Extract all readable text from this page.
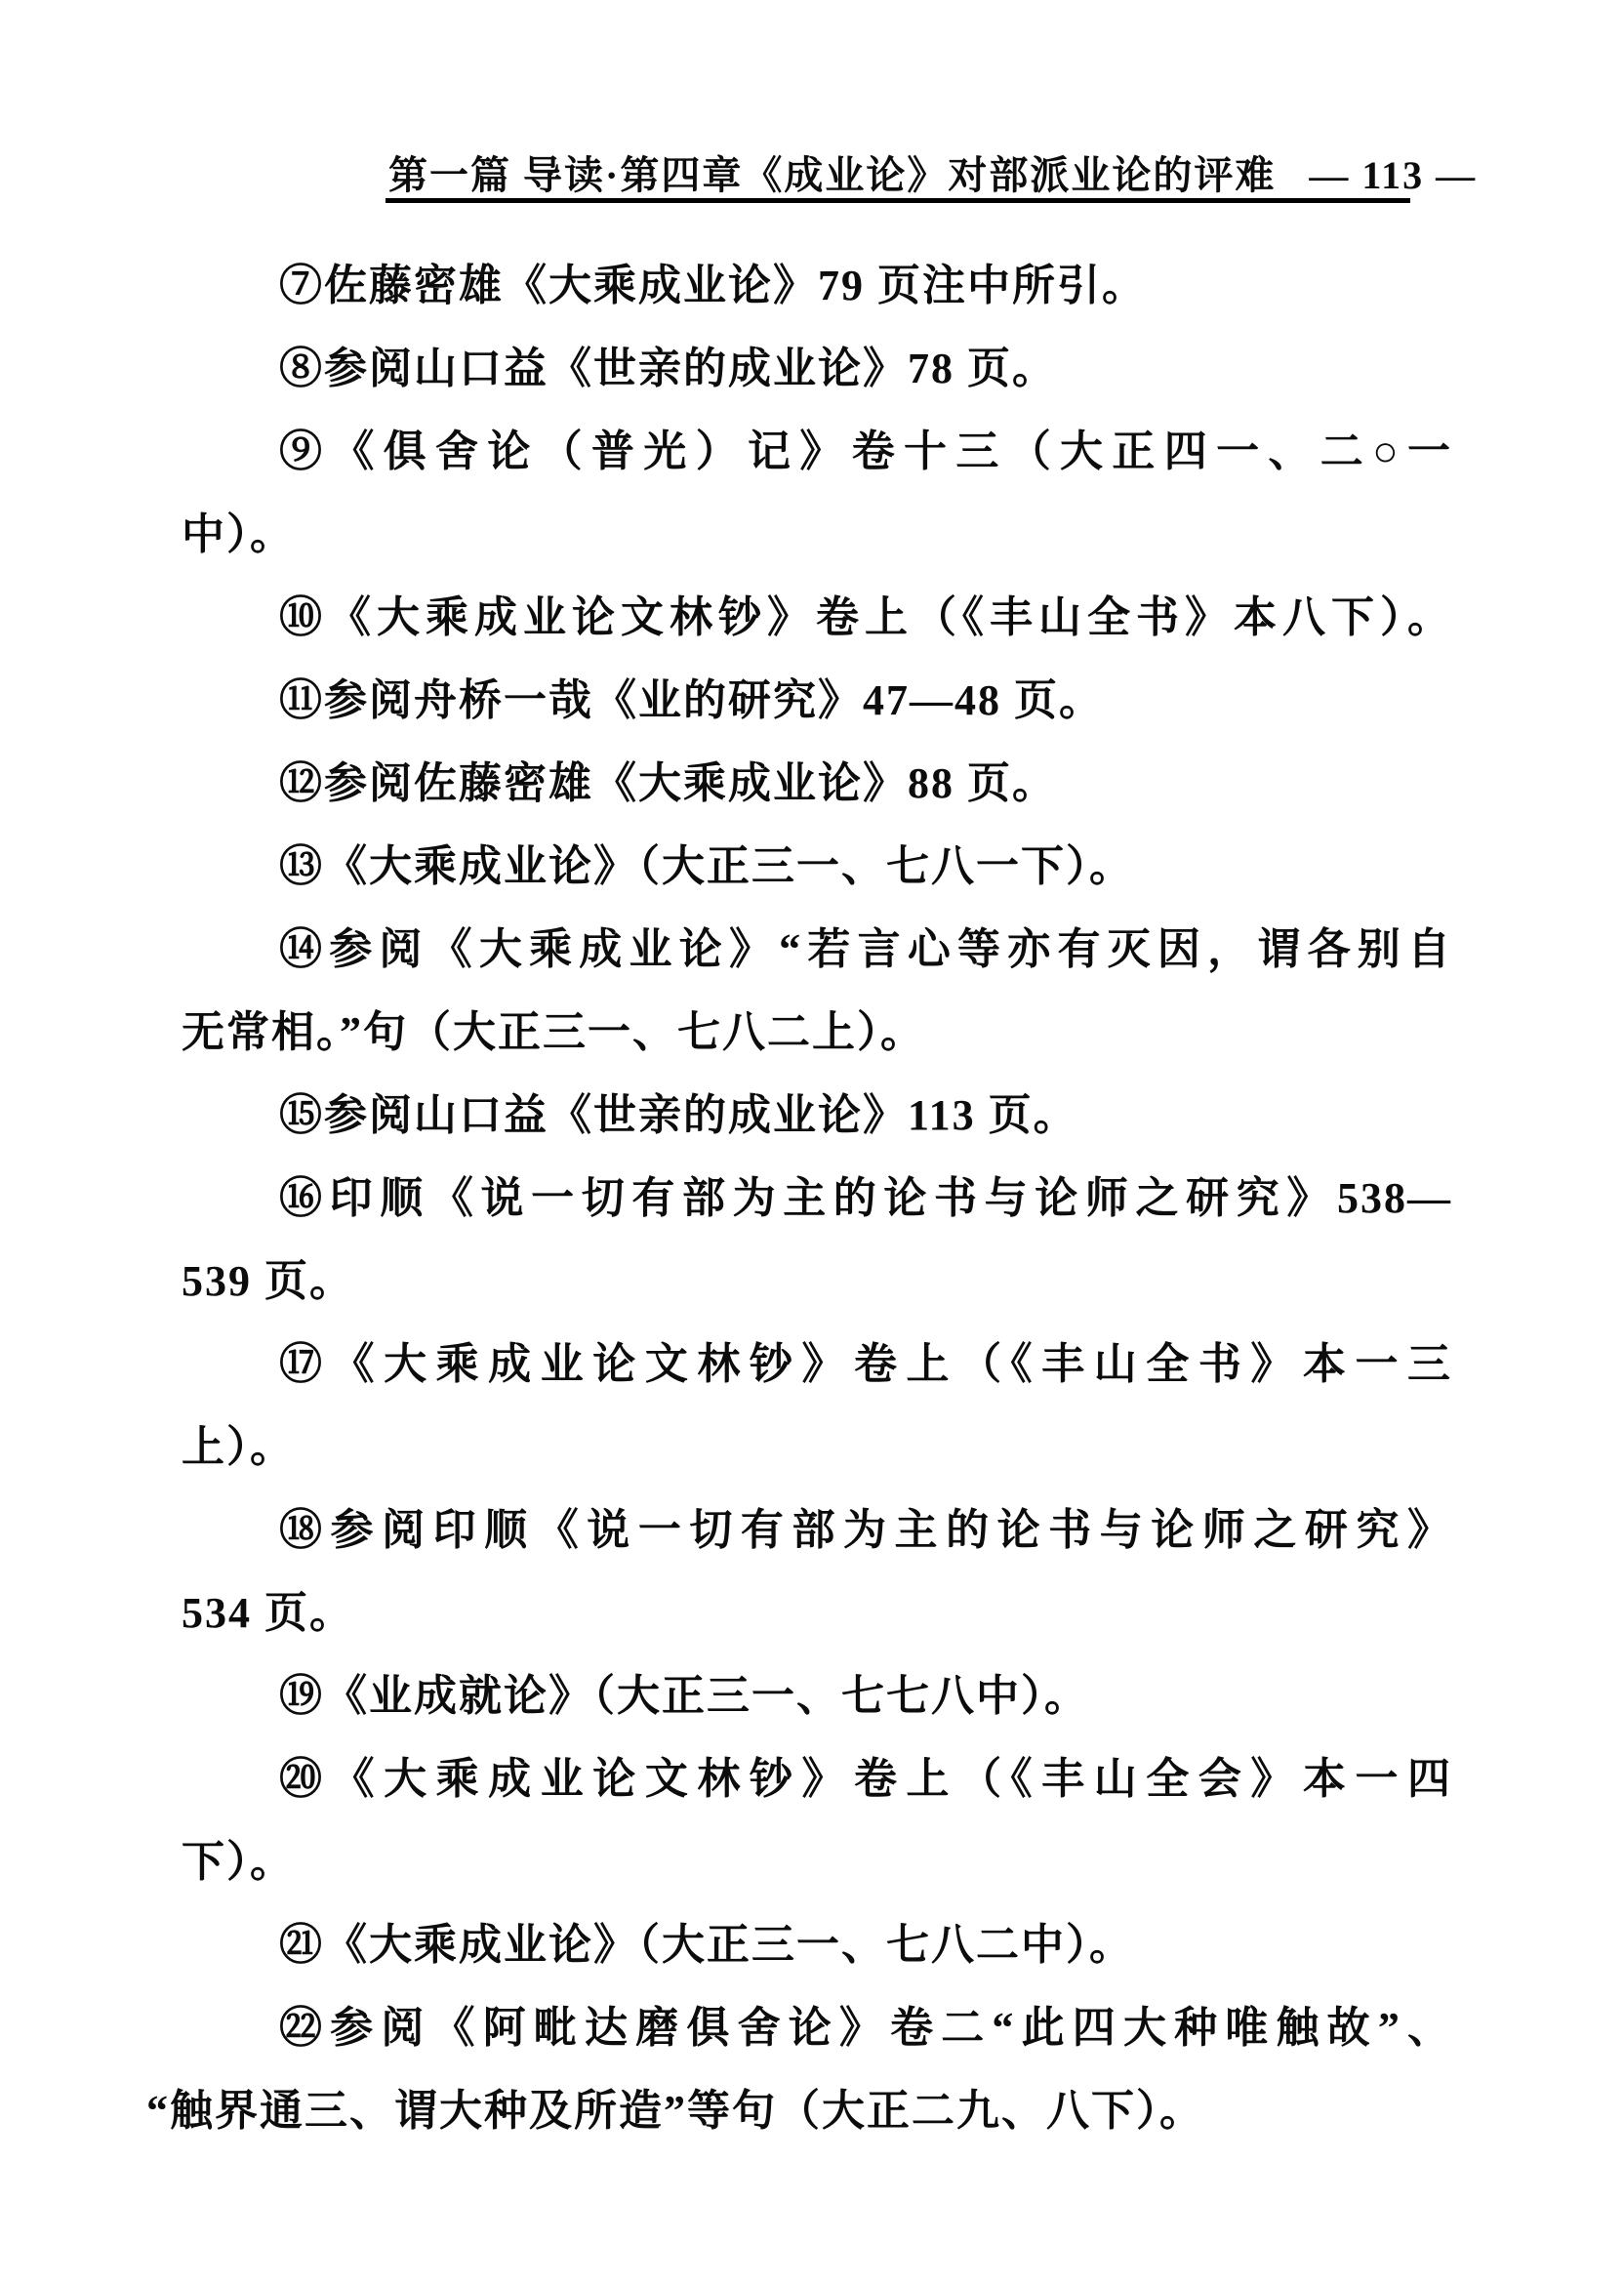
第一篇 导读·第四章《成业论》对部派业论的评难 — 113 —
⑦佐藤密雄《大乘成业论》79 页注中所引。
⑧参阅山口益《世亲的成业论》78 页。
⑨《俱舍论（普光）记》卷十三（大正四一、二○一
中）。
⑩《大乘成业论文林钞》卷上（《丰山全书》本八下）。
⑪参阅舟桥一哉《业的研究》47—48 页。
⑫参阅佐藤密雄《大乘成业论》88 页。
⑬《大乘成业论》（大正三一、七八一下）。
⑭参阅《大乘成业论》“若言心等亦有灭因，谓各别自
无常相。”句（大正三一、七八二上）。
⑮参阅山口益《世亲的成业论》113 页。
⑯印顺《说一切有部为主的论书与论师之研究》538—
539 页。
⑰《大乘成业论文林钞》卷上（《丰山全书》本一三
上）。
⑱参阅印顺《说一切有部为主的论书与论师之研究》
534 页。
⑲《业成就论》（大正三一、七七八中）。
⑳《大乘成业论文林钞》卷上（《丰山全会》本一四
下）。
㉑《大乘成业论》（大正三一、七八二中）。
㉒参阅《阿毗达磨俱舍论》卷二“此四大种唯触故”、
“触界通三、谓大种及所造”等句（大正二九、八下）。
